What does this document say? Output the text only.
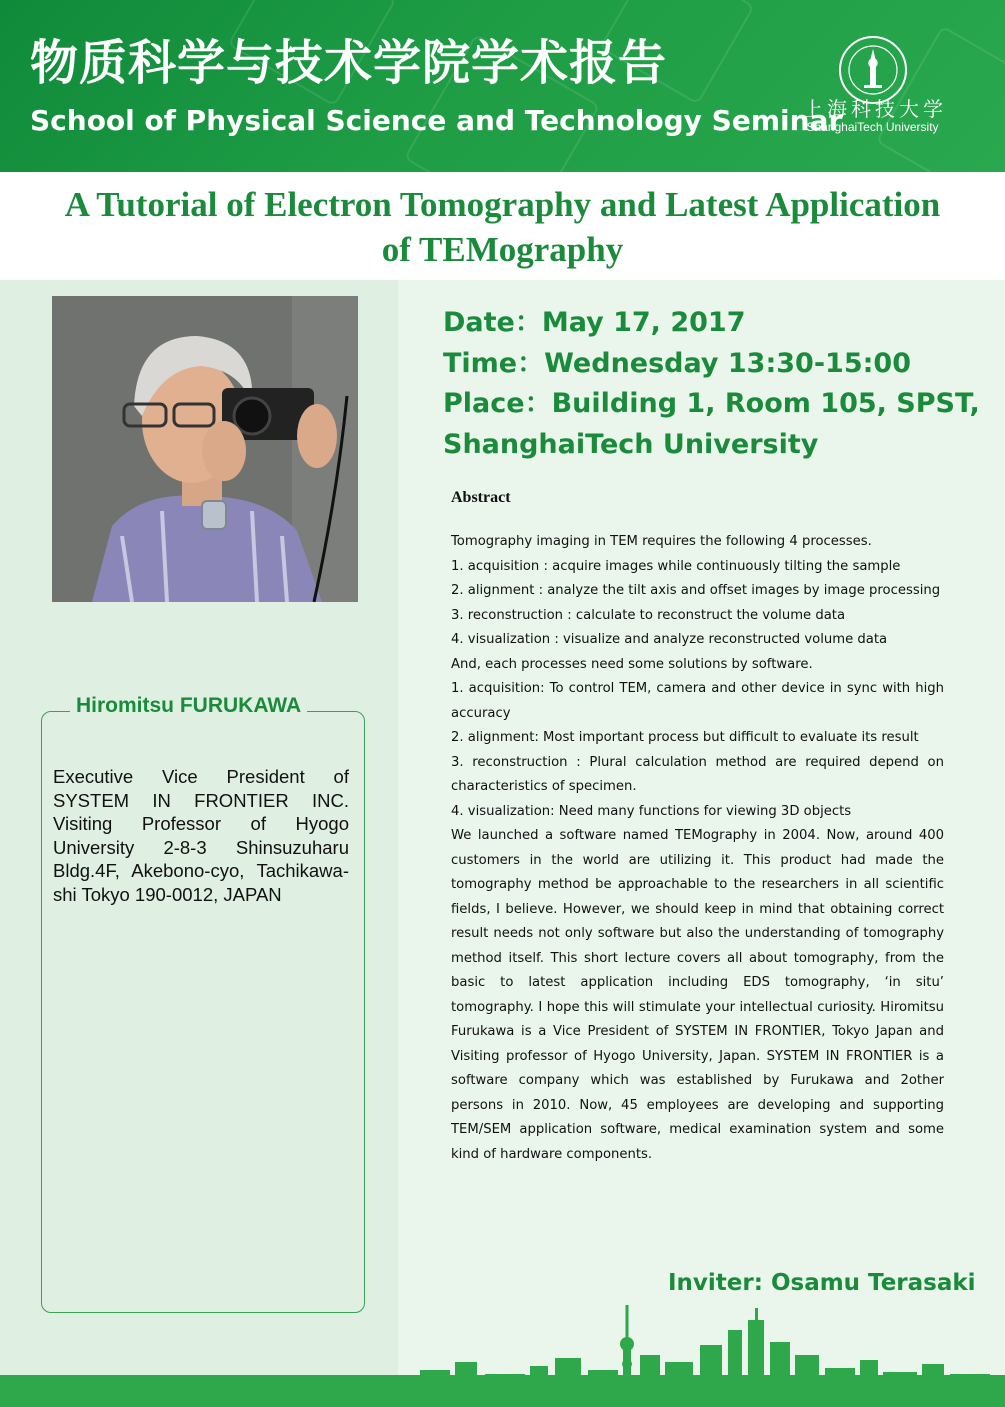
物质科学与技术学院学术报告
School of Physical Science and Technology Seminar
上海科技大学
ShanghaiTech University
A Tutorial of Electron Tomography and Latest Application
of TEMography
Hiromitsu FURUKAWA
Executive Vice President of SYSTEM IN FRONTIER INC. Visiting Professor of Hyogo University 2-8-3 Shinsuzuharu Bldg.4F, Akebono-cyo, Tachikawa-shi Tokyo 190-0012, JAPAN
Date：May 17, 2017
Time：Wednesday 13:30-15:00
Place：Building 1, Room 105, SPST,
ShanghaiTech University
Abstract

Tomography imaging in TEM requires the following 4 processes.

1. acquisition : acquire images while continuously tilting the sample

2. alignment : analyze the tilt axis and offset images by image processing

3. reconstruction : calculate to reconstruct the volume data

4. visualization : visualize and analyze reconstructed volume data

And, each processes need some solutions by software.

1. acquisition: To control TEM, camera and other device in sync with high accuracy

2. alignment: Most important process but difficult to evaluate its result

3. reconstruction : Plural calculation method are required depend on characteristics of specimen.

4. visualization: Need many functions for viewing 3D objects

We launched a software named TEMography in 2004. Now, around 400 customers in the world are utilizing it. This product had made the tomography method be approachable to the researchers in all scientific fields, I believe. However, we should keep in mind that obtaining correct result needs not only software but also the understanding of tomography method itself. This short lecture covers all about tomography, from the basic to latest application including EDS tomography, ‘in situ’ tomography. I hope this will stimulate your intellectual curiosity. Hiromitsu Furukawa is a Vice President of SYSTEM IN FRONTIER, Tokyo Japan and Visiting professor of Hyogo University, Japan. SYSTEM IN FRONTIER is a software company which was established by Furukawa and 2other persons in 2010. Now, 45 employees are developing and supporting TEM/SEM application software, medical examination system and some kind of hardware components.

Inviter: Osamu Terasaki
